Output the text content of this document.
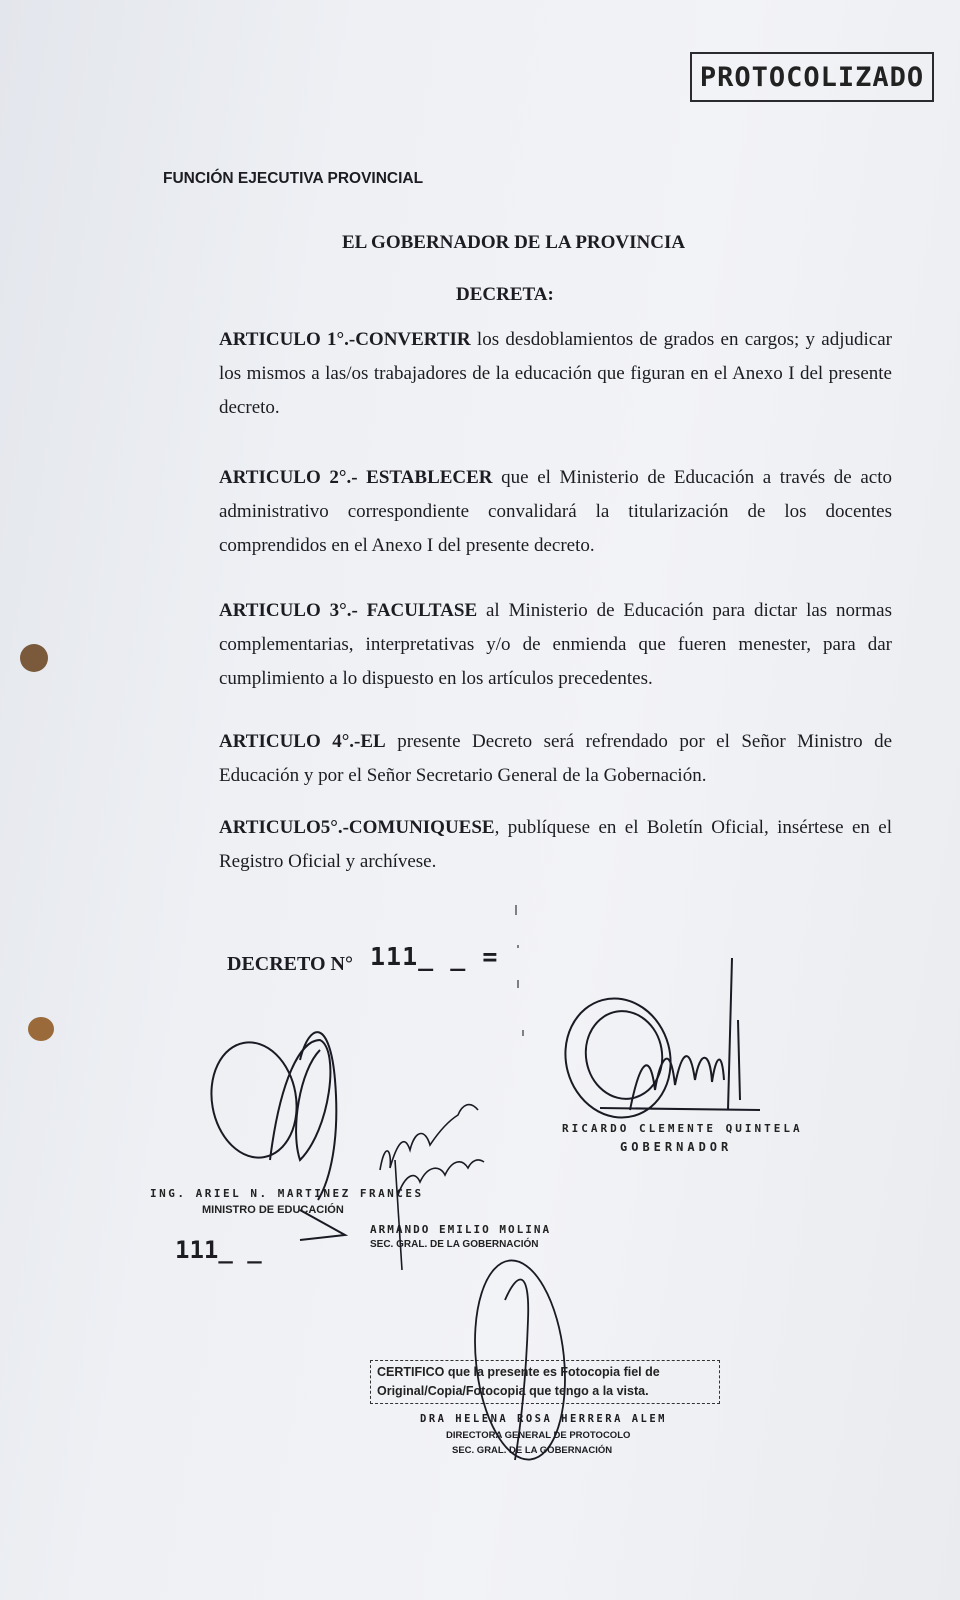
PROTOCOLIZADO
FUNCIÓN EJECUTIVA PROVINCIAL
EL GOBERNADOR DE LA PROVINCIA
DECRETA:
ARTICULO 1°.-CONVERTIR los desdoblamientos de grados en cargos; y adjudicar los mismos a las/os trabajadores de la educación que figuran en el Anexo I del presente decreto.
ARTICULO 2°.- ESTABLECER que el Ministerio de Educación a través de acto administrativo correspondiente convalidará la titularización de los docentes comprendidos en el Anexo I del presente decreto.
ARTICULO 3°.- FACULTASE al Ministerio de Educación para dictar las normas complementarias, interpretativas y/o de enmienda que fueren menester, para dar cumplimiento a lo dispuesto en los artículos precedentes.
ARTICULO 4°.-EL presente Decreto será refrendado por el Señor Ministro de Educación y por el Señor Secretario General de la Gobernación.
ARTICULO5°.-COMUNIQUESE, publíquese en el Boletín Oficial, insértese en el Registro Oficial y archívese.
DECRETO N° 111_ _ =
RICARDO CLEMENTE QUINTELA
GOBERNADOR
ING. ARIEL N. MARTINEZ FRANCES
MINISTRO DE EDUCACIÓN
111_ _
ARMANDO EMILIO MOLINA
SEC. GRAL. DE LA GOBERNACIÓN
CERTIFICO que la presente es Fotocopia fiel de
Original/Copia/Fotocopia que tengo a la vista.
DRA HELENA ROSA HERRERA ALEM
DIRECTORA GENERAL DE PROTOCOLO
SEC. GRAL. DE LA GOBERNACIÓN
